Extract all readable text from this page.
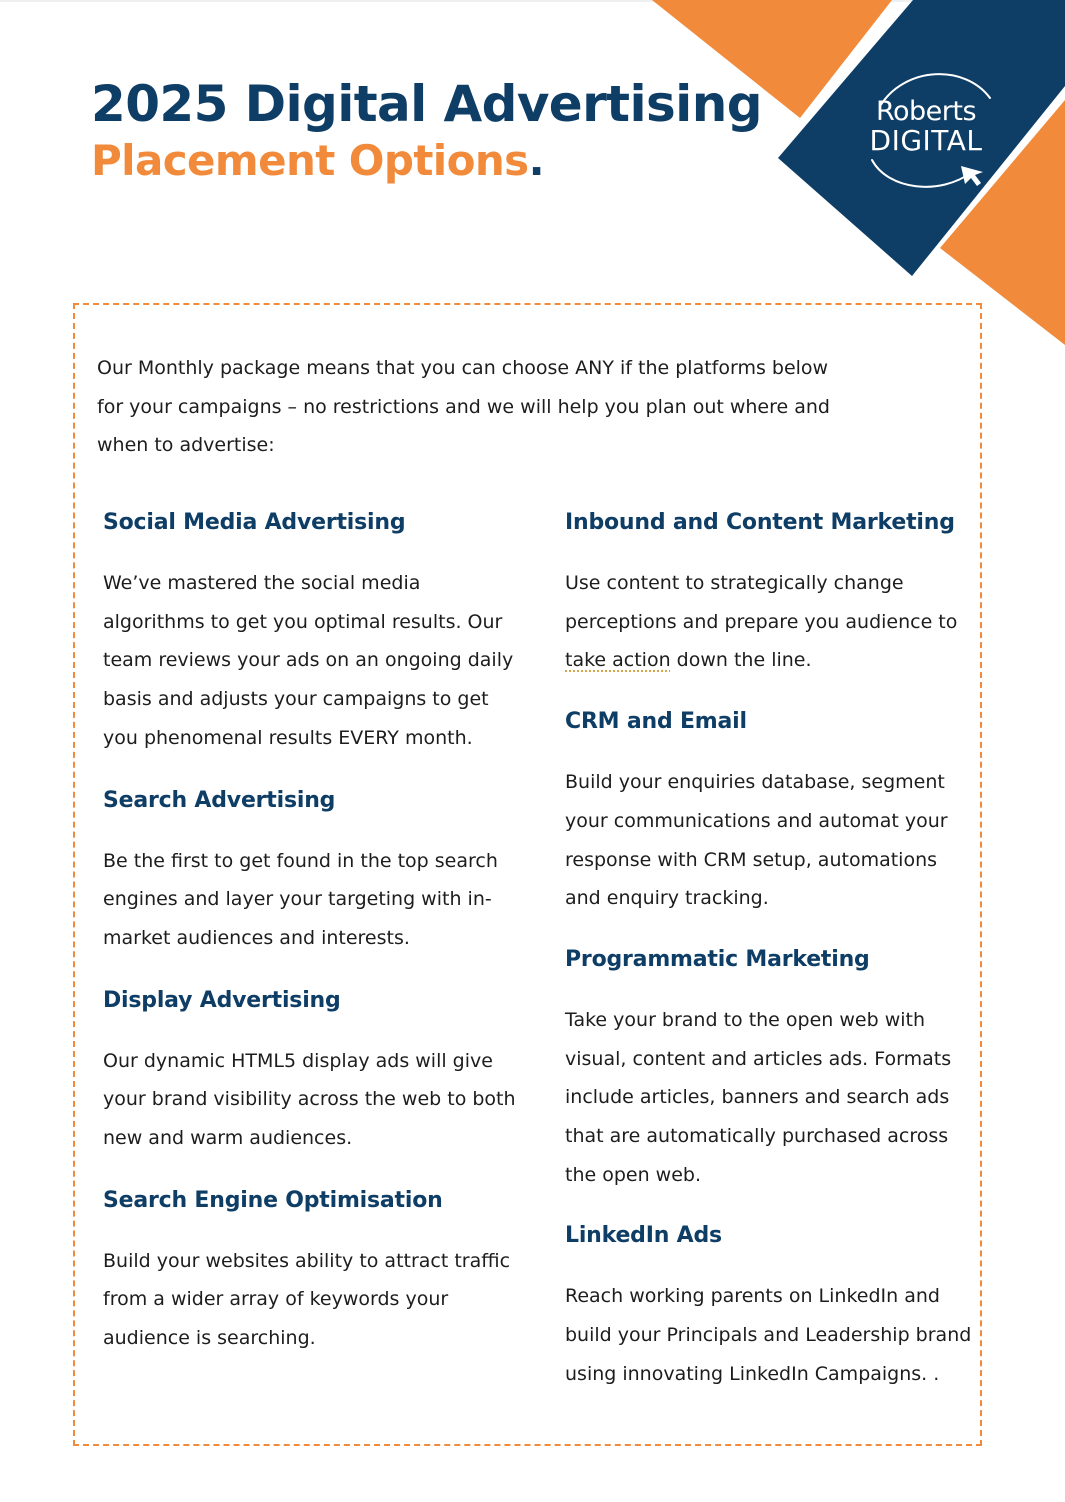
Roberts
DIGITAL
2025 Digital Advertising
Placement Options.

Our Monthly package means that you can choose ANY if the platforms below for your campaigns – no restrictions and we will help you plan out where and when to advertise:

Social Media Advertising

We’ve mastered the social media algorithms to get you optimal results. Our team reviews your ads on an ongoing daily basis and adjusts your campaigns to get you phenomenal results EVERY month.

Search Advertising

Be the first to get found in the top search engines and layer your targeting with in-market audiences and interests.

Display Advertising

Our dynamic HTML5 display ads will give your brand visibility across the web to both new and warm audiences.

Search Engine Optimisation

Build your websites ability to attract traffic from a wider array of keywords your audience is searching.

Inbound and Content Marketing

Use content to strategically change perceptions and prepare you audience to take action down the line.

CRM and Email

Build your enquiries database, segment your communications and automat your response with CRM setup, automations and enquiry tracking.

Programmatic Marketing

Take your brand to the open web with visual, content and articles ads. Formats include articles, banners and search ads that are automatically purchased across the open web.

LinkedIn Ads

Reach working parents on LinkedIn and build your Principals and Leadership brand using innovating LinkedIn Campaigns. .
